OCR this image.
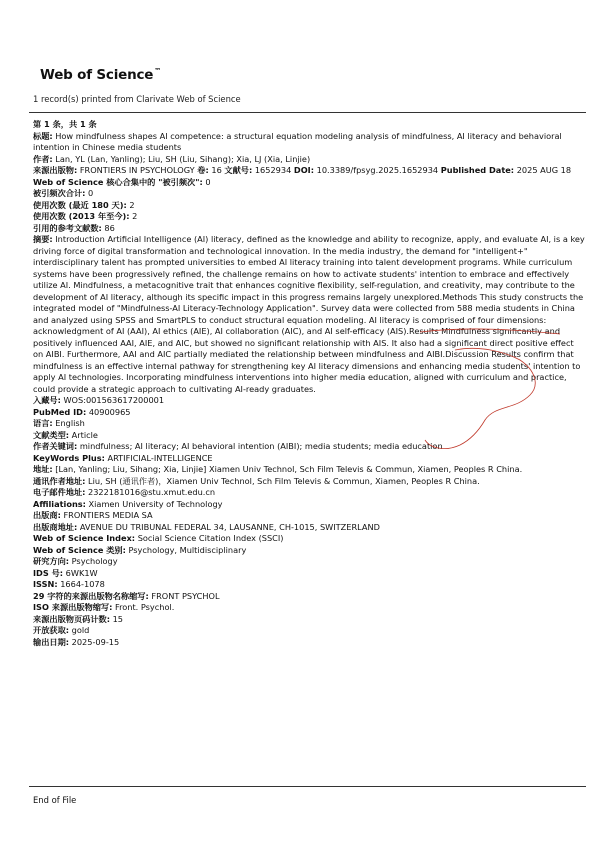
Web of Science™
1 record(s) printed from Clarivate Web of Science

第 1 条，共 1 条

标题: How mindfulness shapes AI competence: a structural equation modeling analysis of mindfulness, AI literacy and behavioral intention in Chinese media students

作者: Lan, YL (Lan, Yanling); Liu, SH (Liu, Sihang); Xia, LJ (Xia, Linjie)

来源出版物: FRONTIERS IN PSYCHOLOGY 卷: 16 文献号: 1652934 DOI: 10.3389/fpsyg.2025.1652934 Published Date: 2025 AUG 18

Web of Science 核心合集中的 "被引频次": 0

被引频次合计: 0

使用次数 (最近 180 天): 2

使用次数 (2013 年至今): 2

引用的参考文献数: 86

摘要: Introduction Artificial Intelligence (AI) literacy, defined as the knowledge and ability to recognize, apply, and evaluate AI, is a key driving force of digital transformation and technological innovation. In the media industry, the demand for "intelligent+" interdisciplinary talent has prompted universities to embed AI literacy training into talent development programs. While curriculum systems have been progressively refined, the challenge remains on how to activate students' intention to embrace and effectively utilize AI. Mindfulness, a metacognitive trait that enhances cognitive flexibility, self-regulation, and creativity, may contribute to the development of AI literacy, although its specific impact in this progress remains largely unexplored.Methods This study constructs the integrated model of "Mindfulness-AI Literacy-Technology Application". Survey data were collected from 588 media students in China and analyzed using SPSS and SmartPLS to conduct structural equation modeling. AI literacy is comprised of four dimensions: acknowledgment of AI (AAI), AI ethics (AIE), AI collaboration (AIC), and AI self-efficacy (AIS).Results Mindfulness significantly and positively influenced AAI, AIE, and AIC, but showed no significant relationship with AIS. It also had a significant direct positive effect on AIBI. Furthermore, AAI and AIC partially mediated the relationship between mindfulness and AIBI.Discussion Results confirm that mindfulness is an effective internal pathway for strengthening key AI literacy dimensions and enhancing media students' intention to apply AI technologies. Incorporating mindfulness interventions into higher media education, aligned with curriculum and practice, could provide a strategic approach to cultivating AI-ready graduates.

入藏号: WOS:001563617200001

PubMed ID: 40900965

语言: English

文献类型: Article

作者关键词: mindfulness; AI literacy; AI behavioral intention (AIBI); media students; media education

KeyWords Plus: ARTIFICIAL-INTELLIGENCE

地址: [Lan, Yanling; Liu, Sihang; Xia, Linjie] Xiamen Univ Technol, Sch Film Televis & Commun, Xiamen, Peoples R China.

通讯作者地址: Liu, SH (通讯作者)，Xiamen Univ Technol, Sch Film Televis & Commun, Xiamen, Peoples R China.

电子邮件地址: 2322181016@stu.xmut.edu.cn

Affiliations: Xiamen University of Technology

出版商: FRONTIERS MEDIA SA

出版商地址: AVENUE DU TRIBUNAL FEDERAL 34, LAUSANNE, CH-1015, SWITZERLAND

Web of Science Index: Social Science Citation Index (SSCI)

Web of Science 类别: Psychology, Multidisciplinary

研究方向: Psychology

IDS 号: 6WK1W

ISSN: 1664-1078

29 字符的来源出版物名称缩写: FRONT PSYCHOL

ISO 来源出版物缩写: Front. Psychol.

来源出版物页码计数: 15

开放获取: gold

输出日期: 2025-09-15

End of File
